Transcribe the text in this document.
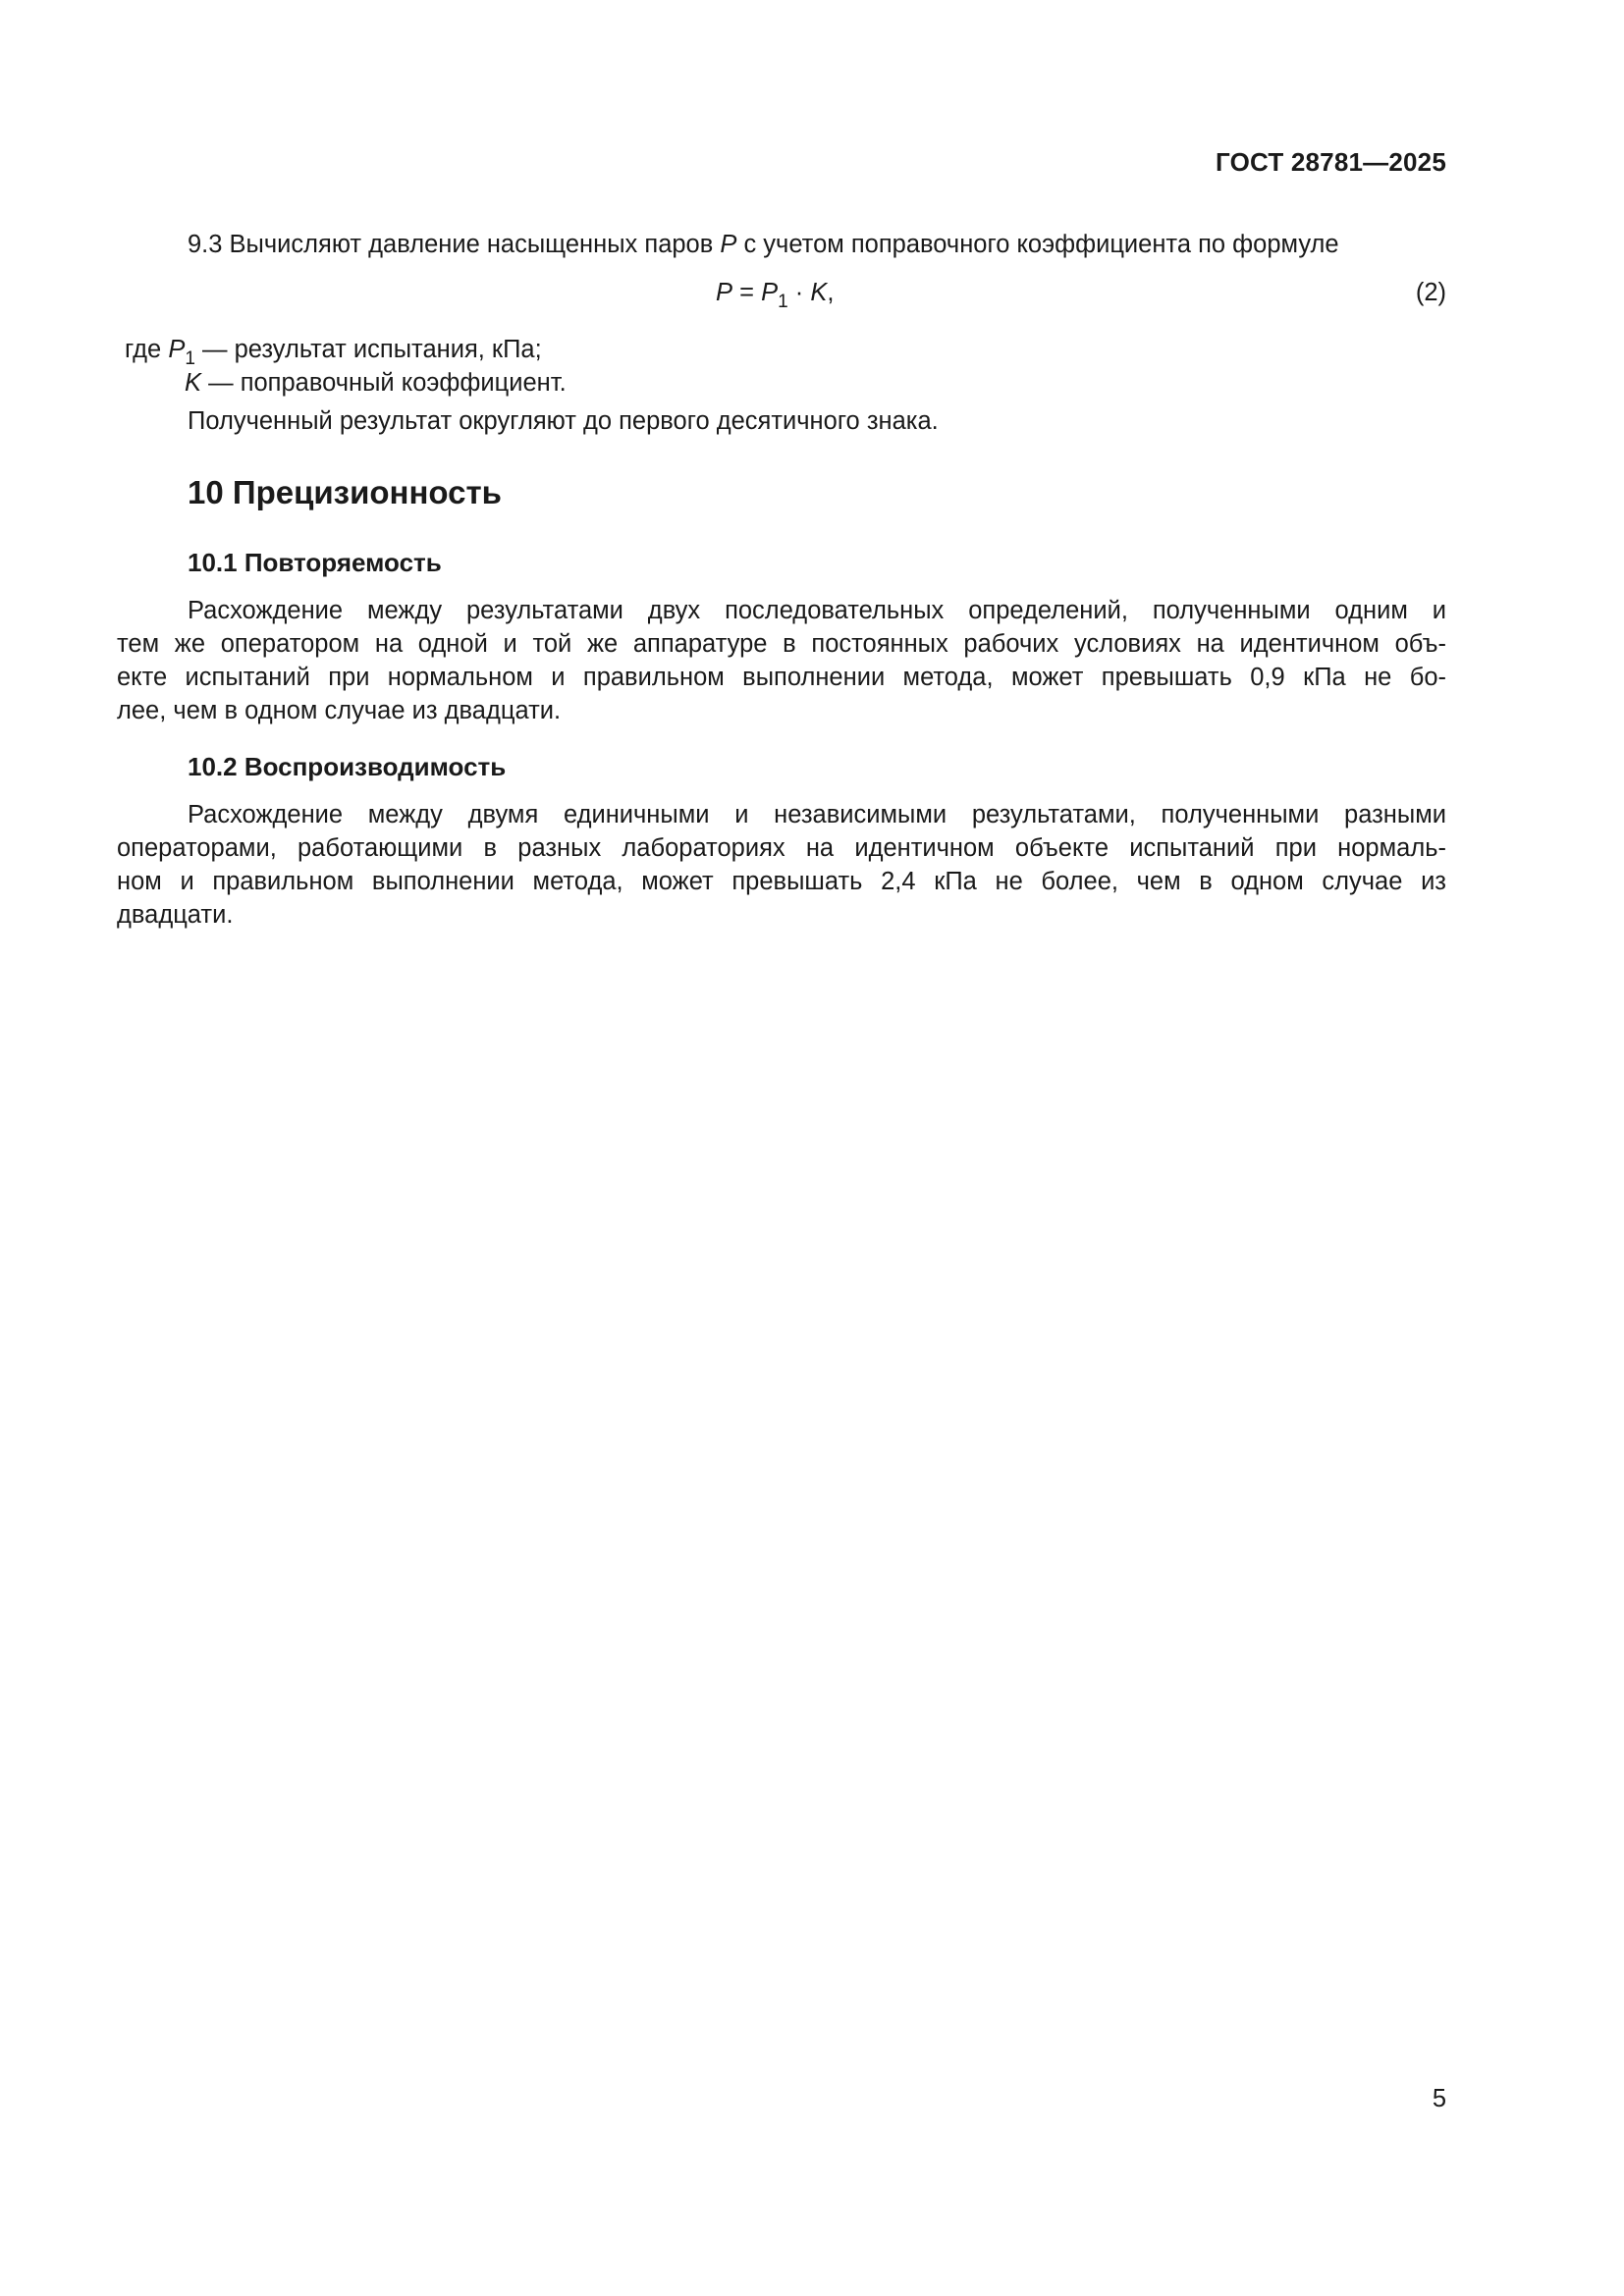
ГОСТ 28781—2025
9.3 Вычисляют давление насыщенных паров P с учетом поправочного коэффициента по формуле
$P = P_1 \cdot K$,	(2)
где $P_1$ — результат испытания, кПа;
K — поправочный коэффициент.
Полученный результат округляют до первого десятичного знака.
10 Прецизионность
10.1 Повторяемость
Расхождение между результатами двух последовательных определений, полученными одним и
тем же оператором на одной и той же аппаратуре в постоянных рабочих условиях на идентичном объ-
екте испытаний при нормальном и правильном выполнении метода, может превышать 0,9 кПа не бо-
лее, чем в одном случае из двадцати.
10.2 Воспроизводимость
Расхождение между двумя единичными и независимыми результатами, полученными разными
операторами, работающими в разных лабораториях на идентичном объекте испытаний при нормаль-
ном и правильном выполнении метода, может превышать 2,4 кПа не более, чем в одном случае из
двадцати.
5
